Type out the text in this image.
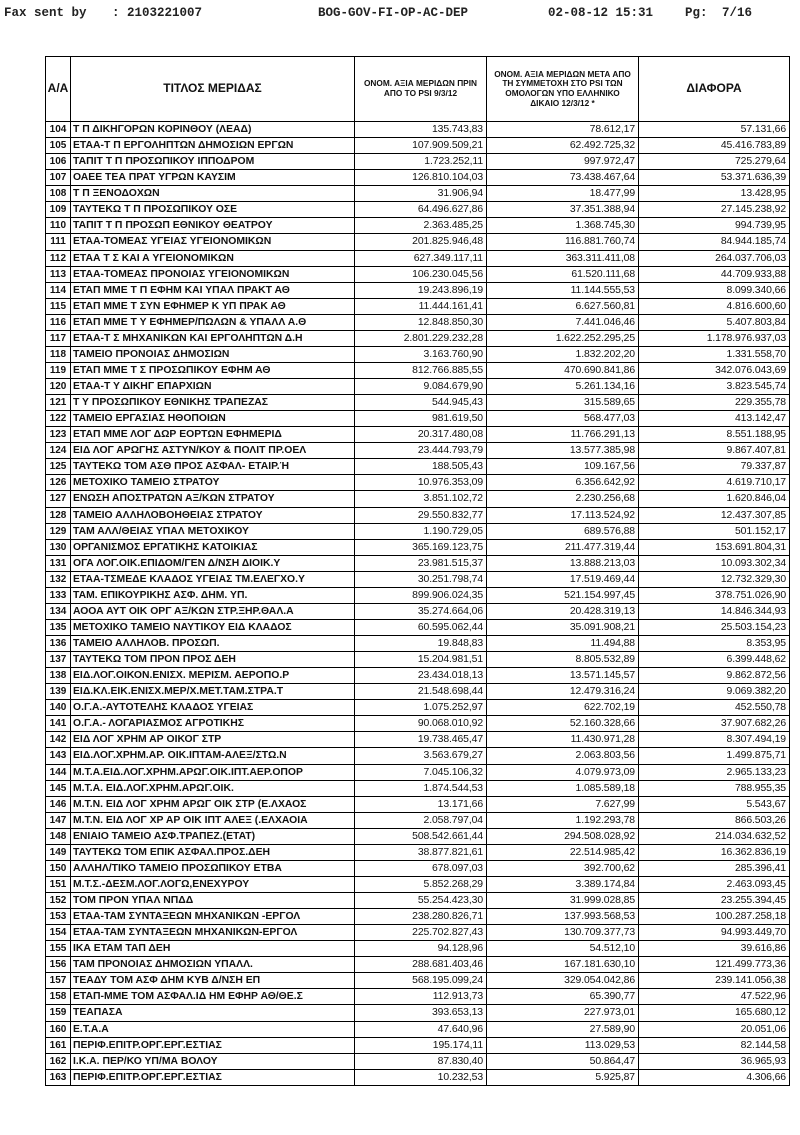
Fax sent by : 2103221007	BOG-GOV-FI-OP-AC-DEP	02-08-12 15:31	Pg: 7/16
Α/Α	ΤΙΤΛΟΣ ΜΕΡΙΔΑΣ	ΟΝΟΜ. ΑΞΙΑ ΜΕΡΙΔΩΝ ΠΡΙΝ ΑΠΟ ΤΟ PSI 9/3/12	ΟΝΟΜ. ΑΞΙΑ ΜΕΡΙΔΩΝ ΜΕΤΑ ΑΠΟ ΤΗ ΣΥΜΜΕΤΟΧΗ ΣΤΟ PSI ΤΩΝ ΟΜΟΛΟΓΩΝ ΥΠΟ ΕΛΛΗΝΙΚΟ ΔΙΚΑΙΟ 12/3/12 *	ΔΙΑΦΟΡΑ
104	Τ Π ΔΙΚΗΓΟΡΩΝ ΚΟΡΙΝΘΟΥ (ΛΕΑΔ)	135.743,83	78.612,17	57.131,66
105	ΕΤΑΑ-Τ Π ΕΡΓΟΛΗΠΤΩΝ ΔΗΜΟΣΙΩΝ ΕΡΓΩΝ	107.909.509,21	62.492.725,32	45.416.783,89
106	ΤΑΠΙΤ Τ Π ΠΡΟΣΩΠΙΚΟΥ ΙΠΠΟΔΡΟΜ	1.723.252,11	997.972,47	725.279,64
107	ΟΑΕΕ ΤΕΑ ΠΡΑΤ ΥΓΡΩΝ ΚΑΥΣΙΜ	126.810.104,03	73.438.467,64	53.371.636,39
108	Τ Π ΞΕΝΟΔΟΧΩΝ	31.906,94	18.477,99	13.428,95
109	ΤΑΥΤΕΚΩ Τ Π ΠΡΟΣΩΠΙΚΟΥ ΟΣΕ	64.496.627,86	37.351.388,94	27.145.238,92
110	ΤΑΠΙΤ Τ Π ΠΡΟΣΩΠ ΕΘΝΙΚΟΥ ΘΕΑΤΡΟΥ	2.363.485,25	1.368.745,30	994.739,95
111	ΕΤΑΑ-ΤΟΜΕΑΣ ΥΓΕΙΑΣ ΥΓΕΙΟΝΟΜΙΚΩΝ	201.825.946,48	116.881.760,74	84.944.185,74
112	ΕΤΑΑ Τ Σ ΚΑΙ Α ΥΓΕΙΟΝΟΜΙΚΩΝ	627.349.117,11	363.311.411,08	264.037.706,03
113	ΕΤΑΑ-ΤΟΜΕΑΣ ΠΡΟΝΟΙΑΣ ΥΓΕΙΟΝΟΜΙΚΩΝ	106.230.045,56	61.520.111,68	44.709.933,88
114	ΕΤΑΠ ΜΜΕ Τ Π ΕΦΗΜ ΚΑΙ ΥΠΑΛ ΠΡΑΚΤ ΑΘ	19.243.896,19	11.144.555,53	8.099.340,66
115	ΕΤΑΠ ΜΜΕ Τ ΣΥΝ ΕΦΗΜΕΡ Κ ΥΠ ΠΡΑΚ ΑΘ	11.444.161,41	6.627.560,81	4.816.600,60
116	ΕΤΑΠ ΜΜΕ Τ Υ ΕΦΗΜΕΡ/ΠΩΛΩΝ & ΥΠΑΛΛ Α.Θ	12.848.850,30	7.441.046,46	5.407.803,84
117	ΕΤΑΑ-Τ Σ ΜΗΧΑΝΙΚΩΝ ΚΑΙ ΕΡΓΟΛΗΠΤΩΝ Δ.Η	2.801.229.232,28	1.622.252.295,25	1.178.976.937,03
118	ΤΑΜΕΙΟ ΠΡΟΝΟΙΑΣ ΔΗΜΟΣΙΩΝ	3.163.760,90	1.832.202,20	1.331.558,70
119	ΕΤΑΠ ΜΜΕ Τ Σ ΠΡΟΣΩΠΙΚΟΥ ΕΦΗΜ ΑΘ	812.766.885,55	470.690.841,86	342.076.043,69
120	ΕΤΑΑ-Τ Υ ΔΙΚΗΓ ΕΠΑΡΧΙΩΝ	9.084.679,90	5.261.134,16	3.823.545,74
121	Τ Υ ΠΡΟΣΩΠΙΚΟΥ ΕΘΝΙΚΗΣ ΤΡΑΠΕΖΑΣ	544.945,43	315.589,65	229.355,78
122	ΤΑΜΕΙΟ ΕΡΓΑΣΙΑΣ ΗΘΟΠΟΙΩΝ	981.619,50	568.477,03	413.142,47
123	ΕΤΑΠ ΜΜΕ ΛΟΓ ΔΩΡ ΕΟΡΤΩΝ ΕΦΗΜΕΡΙΔ	20.317.480,08	11.766.291,13	8.551.188,95
124	ΕΙΔ ΛΟΓ ΑΡΩΓΗΣ ΑΣΤΥΝ/ΚΟΥ & ΠΟΛΙΤ ΠΡ.ΟΕΛ	23.444.793,79	13.577.385,98	9.867.407,81
125	ΤΑΥΤΕΚΩ ΤΟΜ ΑΣΘ ΠΡΟΣ ΑΣΦΑΛ- ΕΤΑΙΡ.Ή	188.505,43	109.167,56	79.337,87
126	ΜΕΤΟΧΙΚΟ ΤΑΜΕΙΟ ΣΤΡΑΤΟΥ	10.976.353,09	6.356.642,92	4.619.710,17
127	ΕΝΩΣΗ ΑΠΟΣΤΡΑΤΩΝ ΑΞ/ΚΩΝ ΣΤΡΑΤΟΥ	3.851.102,72	2.230.256,68	1.620.846,04
128	ΤΑΜΕΙΟ ΑΛΛΗΛΟΒΟΗΘΕΙΑΣ ΣΤΡΑΤΟΥ	29.550.832,77	17.113.524,92	12.437.307,85
129	ΤΑΜ ΑΛΛ/ΘΕΙΑΣ ΥΠΑΛ ΜΕΤΟΧΙΚΟΥ	1.190.729,05	689.576,88	501.152,17
130	ΟΡΓΑΝΙΣΜΟΣ ΕΡΓΑΤΙΚΗΣ ΚΑΤΟΙΚΙΑΣ	365.169.123,75	211.477.319,44	153.691.804,31
131	ΟΓΑ ΛΟΓ.ΟΙΚ.ΕΠΙΔΟΜ/ΓΕΝ Δ/ΝΣΗ ΔΙΟΙΚ.Υ	23.981.515,37	13.888.213,03	10.093.302,34
132	ΕΤΑΑ-ΤΣΜΕΔΕ ΚΛΑΔΟΣ ΥΓΕΙΑΣ ΤΜ.ΕΛΕΓΧΟ.Υ	30.251.798,74	17.519.469,44	12.732.329,30
133	ΤΑΜ. ΕΠΙΚΟΥΡΙΚΗΣ ΑΣΦ. ΔΗΜ. ΥΠ.	899.906.024,35	521.154.997,45	378.751.026,90
134	ΑΟΟΑ ΑΥΤ ΟΙΚ ΟΡΓ ΑΞ/ΚΩΝ ΣΤΡ.ΞΗΡ.ΘΑΛ.Α	35.274.664,06	20.428.319,13	14.846.344,93
135	ΜΕΤΟΧΙΚΟ ΤΑΜΕΙΟ ΝΑΥΤΙΚΟΥ ΕΙΔ ΚΛΑΔΟΣ	60.595.062,44	35.091.908,21	25.503.154,23
136	ΤΑΜΕΙΟ ΑΛΛΗΛΟΒ. ΠΡΟΣΩΠ.	19.848,83	11.494,88	8.353,95
137	ΤΑΥΤΕΚΩ ΤΟΜ ΠΡΟΝ ΠΡΟΣ ΔΕΗ	15.204.981,51	8.805.532,89	6.399.448,62
138	ΕΙΔ.ΛΟΓ.ΟΙΚΟΝ.ΕΝΙΣΧ. ΜΕΡΙΣΜ. ΑΕΡΟΠΟ.Ρ	23.434.018,13	13.571.145,57	9.862.872,56
139	ΕΙΔ.ΚΛ.ΕΙΚ.ΕΝΙΣΧ.ΜΕΡ/Χ.ΜΕΤ.ΤΑΜ.ΣΤΡΑ.Τ	21.548.698,44	12.479.316,24	9.069.382,20
140	Ο.Γ.Α.-ΑΥΤΟΤΕΛΗΣ ΚΛΑΔΟΣ ΥΓΕΙΑΣ	1.075.252,97	622.702,19	452.550,78
141	Ο.Γ.Α.- ΛΟΓΑΡΙΑΣΜΟΣ ΑΓΡΟΤΙΚΗΣ	90.068.010,92	52.160.328,66	37.907.682,26
142	ΕΙΔ ΛΟΓ ΧΡΗΜ ΑΡ ΟΙΚΟΓ ΣΤΡ	19.738.465,47	11.430.971,28	8.307.494,19
143	ΕΙΔ.ΛΟΓ.ΧΡΗΜ.ΑΡ. ΟΙΚ.ΙΠΤΑΜ-ΑΛΕΞ/ΣΤΩ.Ν	3.563.679,27	2.063.803,56	1.499.875,71
144	Μ.Τ.Α.ΕΙΔ.ΛΟΓ.ΧΡΗΜ.ΑΡΩΓ.ΟΙΚ.ΙΠΤ.ΑΕΡ.ΟΠΟΡ	7.045.106,32	4.079.973,09	2.965.133,23
145	Μ.Τ.Α. ΕΙΔ.ΛΟΓ.ΧΡΗΜ.ΑΡΩΓ.ΟΙΚ.	1.874.544,53	1.085.589,18	788.955,35
146	Μ.Τ.Ν. ΕΙΔ ΛΟΓ ΧΡΗΜ ΑΡΩΓ ΟΙΚ ΣΤΡ (Ε.ΛΧΑΟΣ	13.171,66	7.627,99	5.543,67
147	Μ.Τ.Ν. ΕΙΔ ΛΟΓ ΧΡ ΑΡ ΟΙΚ ΙΠΤ ΑΛΕΞ (.ΕΛΧΑΟΙΑ	2.058.797,04	1.192.293,78	866.503,26
148	ΕΝΙΑΙΟ ΤΑΜΕΙΟ ΑΣΦ.ΤΡΑΠΕΖ.(ΕΤΑΤ)	508.542.661,44	294.508.028,92	214.034.632,52
149	ΤΑΥΤΕΚΩ ΤΟΜ ΕΠΙΚ ΑΣΦΑΛ.ΠΡΟΣ.ΔΕΗ	38.877.821,61	22.514.985,42	16.362.836,19
150	ΑΛΛΗΛ/ΤΙΚΟ ΤΑΜΕΙΟ ΠΡΟΣΩΠΙΚΟΥ ΕΤΒΑ	678.097,03	392.700,62	285.396,41
151	Μ.Τ.Σ.-ΔΕΣΜ.ΛΟΓ.ΛΟΓΩ,ΕΝΕΧΥΡΟΥ	5.852.268,29	3.389.174,84	2.463.093,45
152	ΤΟΜ ΠΡΟΝ ΥΠΑΛ ΝΠΔΔ	55.254.423,30	31.999.028,85	23.255.394,45
153	ΕΤΑΑ-ΤΑΜ ΣΥΝΤΑΞΕΩΝ ΜΗΧΑΝΙΚΩΝ -ΕΡΓΟΛ	238.280.826,71	137.993.568,53	100.287.258,18
154	ΕΤΑΑ-ΤΑΜ ΣΥΝΤΑΞΕΩΝ ΜΗΧΑΝΙΚΩΝ-ΕΡΓΟΛ	225.702.827,43	130.709.377,73	94.993.449,70
155	ΙΚΑ ΕΤΑΜ ΤΑΠ ΔΕΗ	94.128,96	54.512,10	39.616,86
156	ΤΑΜ ΠΡΟΝΟΙΑΣ ΔΗΜΟΣΙΩΝ ΥΠΑΛΛ.	288.681.403,46	167.181.630,10	121.499.773,36
157	ΤΕΑΔΥ ΤΟΜ ΑΣΦ ΔΗΜ ΚΥΒ Δ/ΝΣΗ ΕΠ	568.195.099,24	329.054.042,86	239.141.056,38
158	ΕΤΑΠ-ΜΜΕ ΤΟΜ ΑΣΦΑΛ.ΙΔ ΗΜ ΕΦΗΡ ΑΘ/ΘΕ.Σ	112.913,73	65.390,77	47.522,96
159	ΤΕΑΠΑΣΑ	393.653,13	227.973,01	165.680,12
160	Ε.Τ.Α.Α	47.640,96	27.589,90	20.051,06
161	ΠΕΡΙΦ.ΕΠΙΤΡ.ΟΡΓ.ΕΡΓ.ΕΣΤΙΑΣ	195.174,11	113.029,53	82.144,58
162	Ι.Κ.Α. ΠΕΡ/ΚΟ ΥΠ/ΜΑ ΒΟΛΟΥ	87.830,40	50.864,47	36.965,93
163	ΠΕΡΙΦ.ΕΠΙΤΡ.ΟΡΓ.ΕΡΓ.ΕΣΤΙΑΣ	10.232,53	5.925,87	4.306,66
